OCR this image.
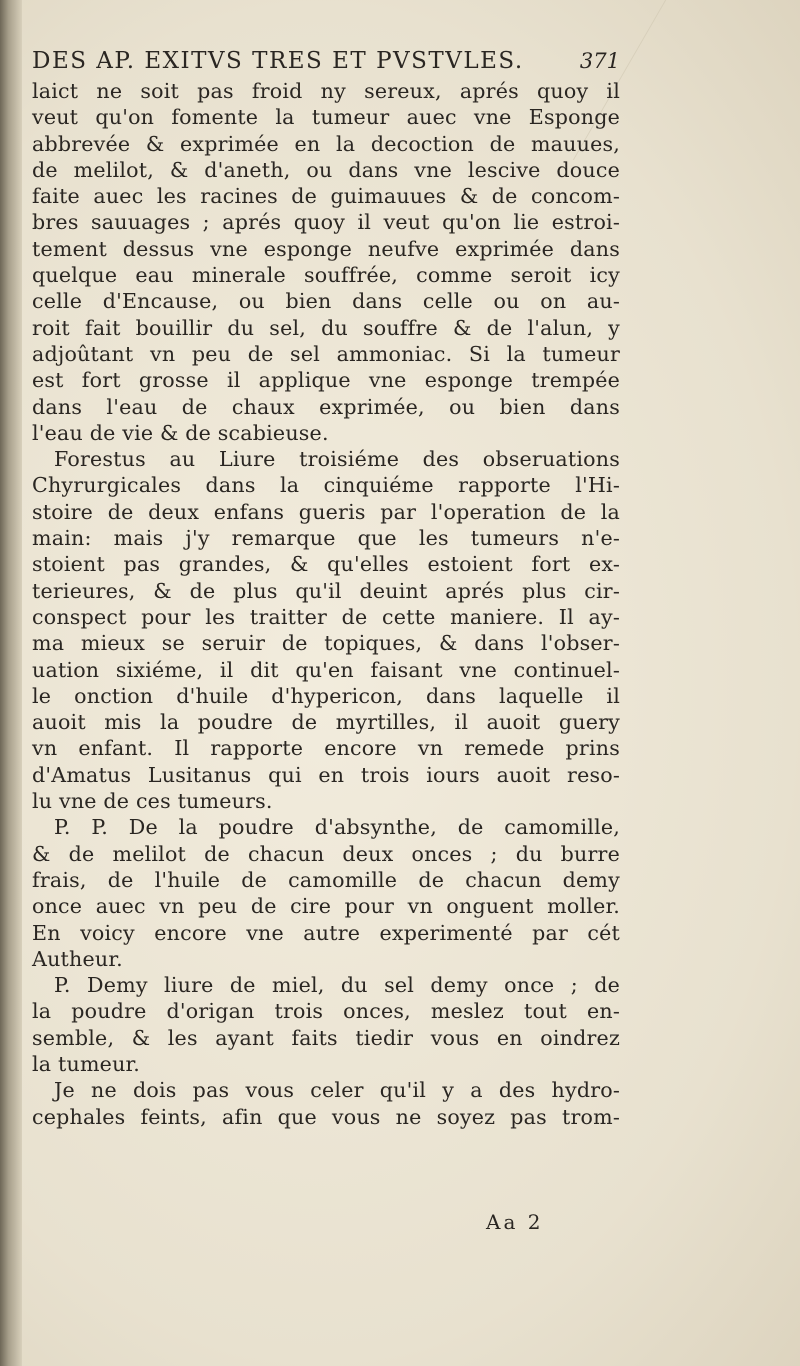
DES AP. EXITVS TRES ET PVSTVLES.	371
laict ne soit pas froid ny sereux, aprés quoy il
veut qu'on fomente la tumeur auec vne Esponge
abbrevée & exprimée en la decoction de mauues,
de melilot, & d'aneth, ou dans vne lescive douce
faite auec les racines de guimauues & de concom-
bres sauuages ; aprés quoy il veut qu'on lie estroi-
tement dessus vne esponge neufve exprimée dans
quelque eau minerale souffrée, comme seroit icy
celle d'Encause, ou bien dans celle ou on au-
roit fait bouillir du sel, du souffre & de l'alun, y
adjoûtant vn peu de sel ammoniac. Si la tumeur
est fort grosse il applique vne esponge trempée
dans l'eau de chaux exprimée, ou bien dans
l'eau de vie & de scabieuse.
Forestus au Liure troisiéme des obseruations
Chyrurgicales dans la cinquiéme rapporte l'Hi-
stoire de deux enfans gueris par l'operation de la
main: mais j'y remarque que les tumeurs n'e-
stoient pas grandes, & qu'elles estoient fort ex-
terieures, & de plus qu'il deuint aprés plus cir-
conspect pour les traitter de cette maniere. Il ay-
ma mieux se seruir de topiques, & dans l'obser-
uation sixiéme, il dit qu'en faisant vne continuel-
le onction d'huile d'hypericon, dans laquelle il
auoit mis la poudre de myrtilles, il auoit guery
vn enfant. Il rapporte encore vn remede prins
d'Amatus Lusitanus qui en trois iours auoit reso-
lu vne de ces tumeurs.
P. P. De la poudre d'absynthe, de camomille,
& de melilot de chacun deux onces ; du burre
frais, de l'huile de camomille de chacun demy
once auec vn peu de cire pour vn onguent moller.
En voicy encore vne autre experimenté par cét
Autheur.
P. Demy liure de miel, du sel demy once ; de
la poudre d'origan trois onces, meslez tout en-
semble, & les ayant faits tiedir vous en oindrez
la tumeur.
Je ne dois pas vous celer qu'il y a des hydro-
cephales feints, afin que vous ne soyez pas trom-
Aa 2
